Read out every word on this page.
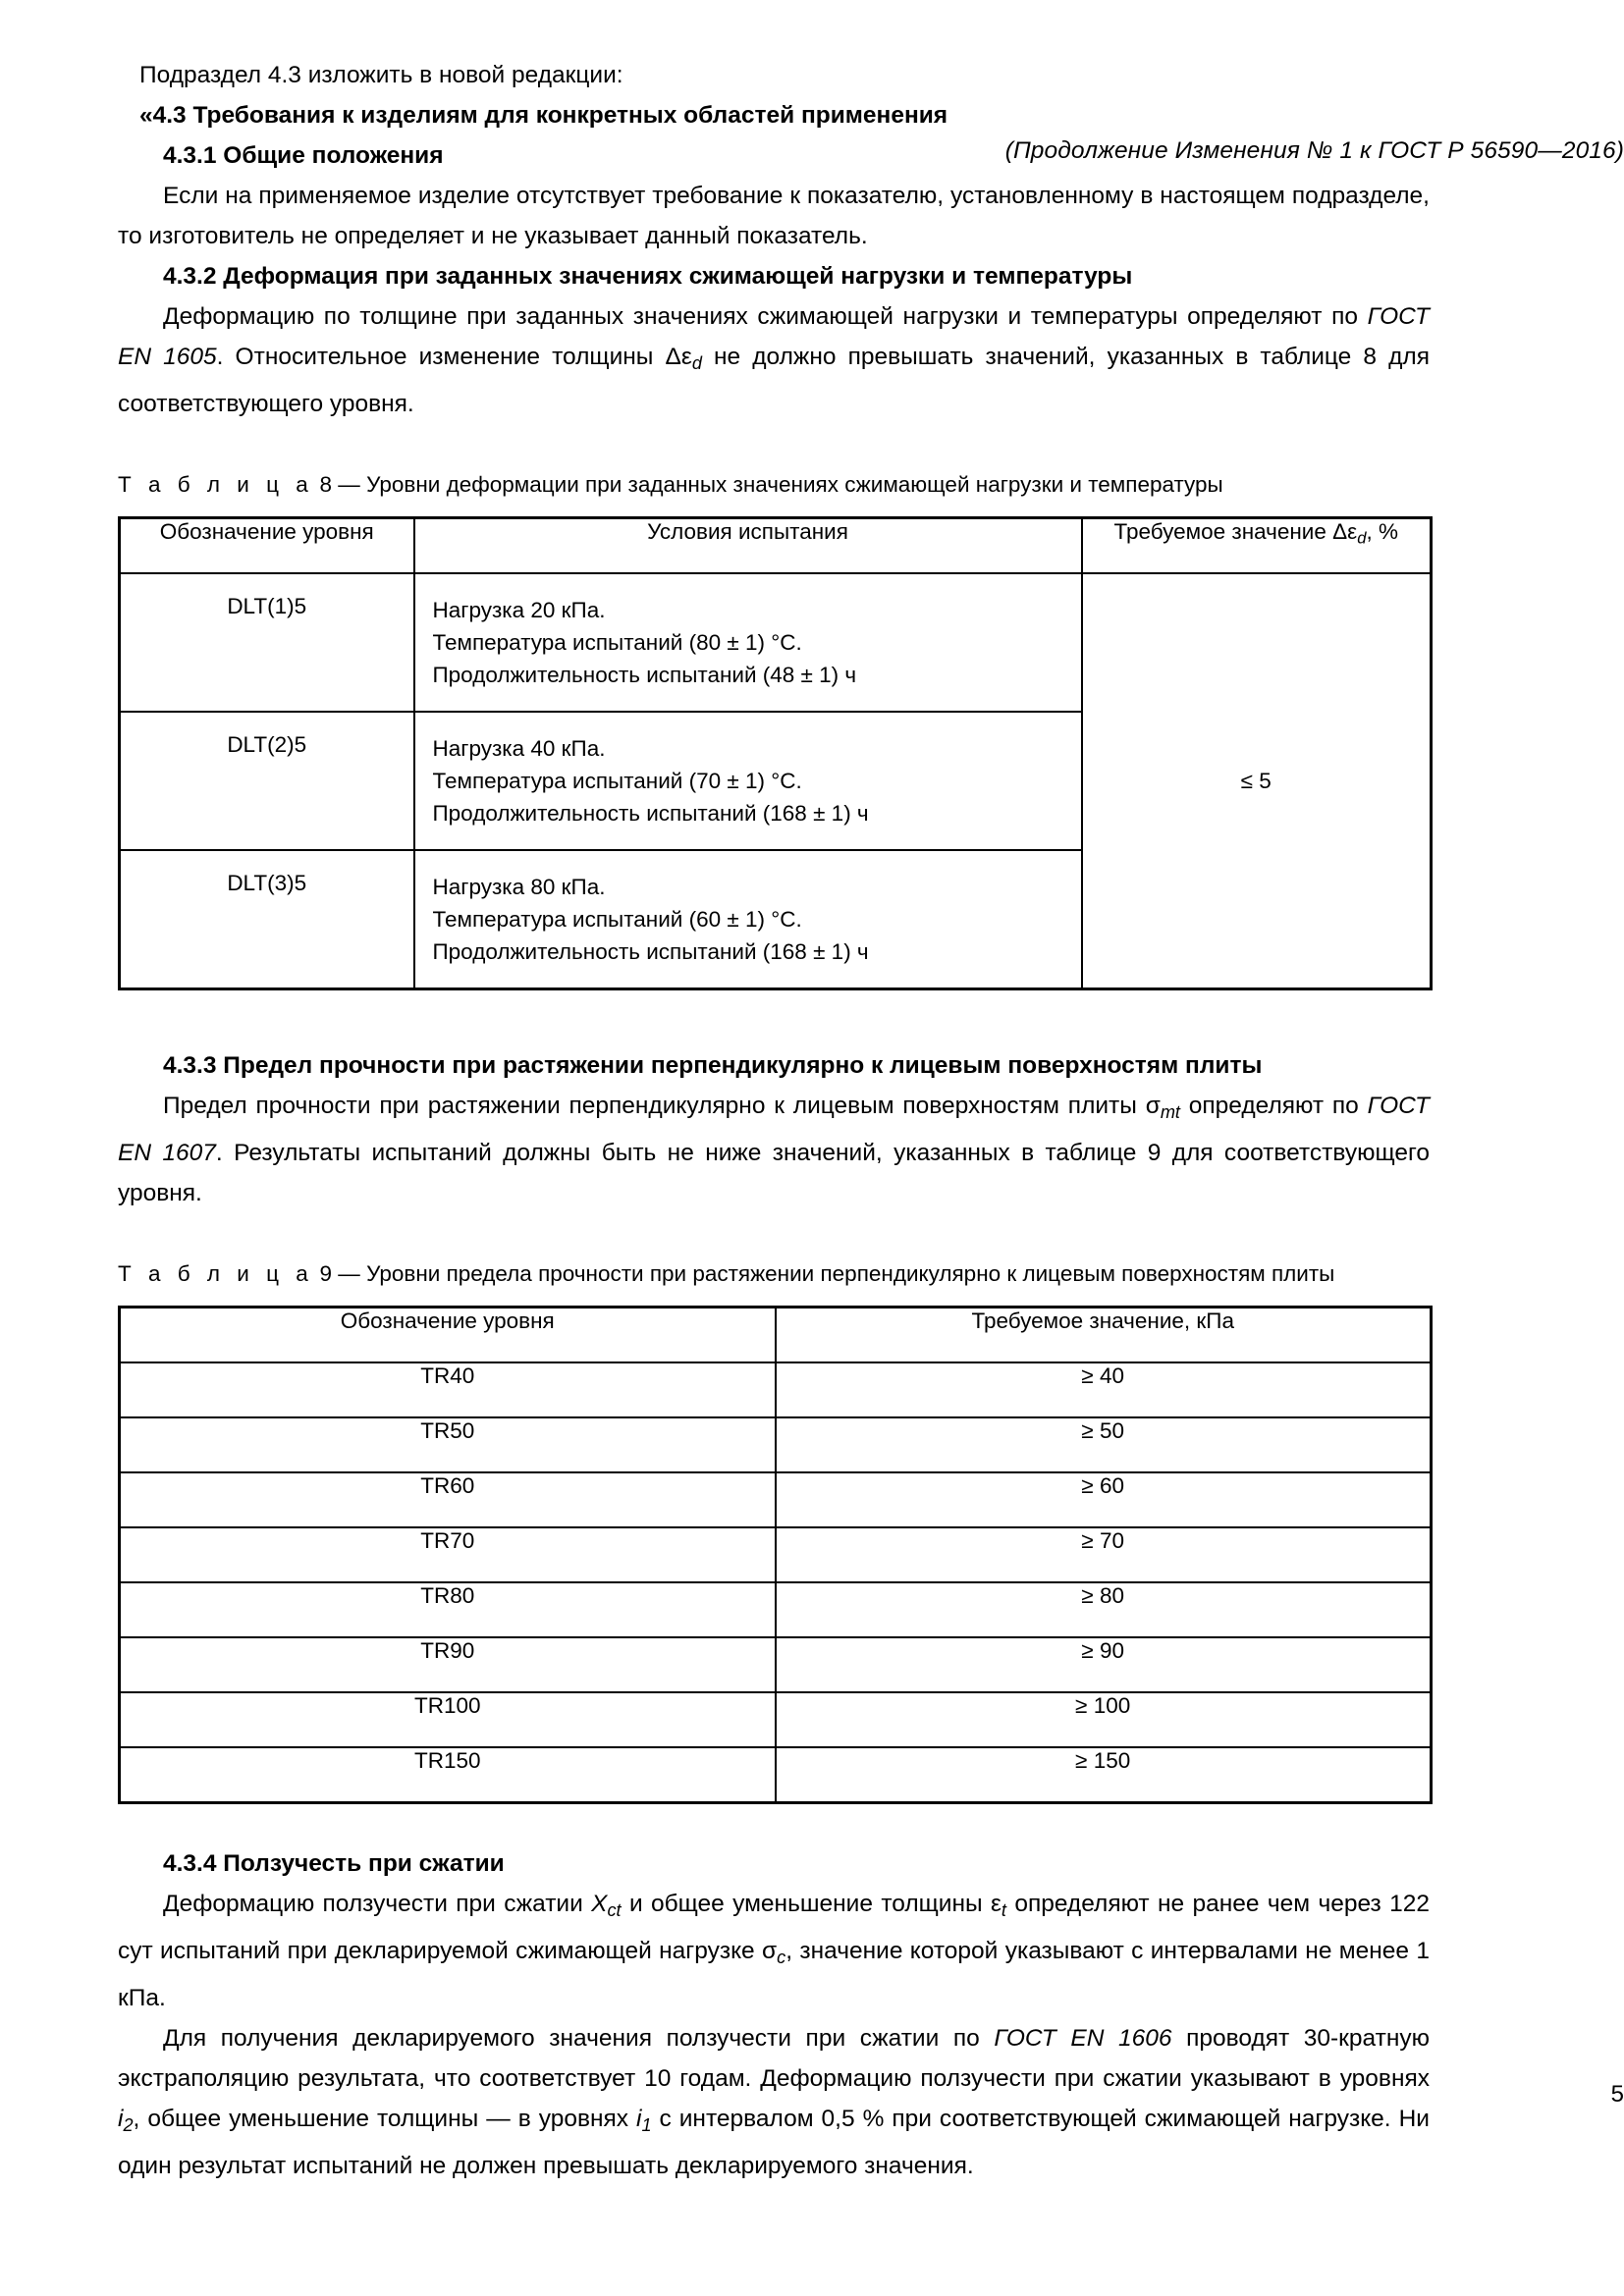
(Продолжение Изменения № 1 к ГОСТ Р 56590—2016)

Подраздел 4.3 изложить в новой редакции:

«4.3 Требования к изделиям для конкретных областей применения

4.3.1 Общие положения

Если на применяемое изделие отсутствует требование к показателю, установленному в настоящем подразделе, то изготовитель не определяет и не указывает данный показатель.

4.3.2 Деформация при заданных значениях сжимающей нагрузки и температуры

Деформацию по толщине при заданных значениях сжимающей нагрузки и температуры определяют по ГОСТ EN 1605. Относительное изменение толщины $\Delta\varepsilon_d$ не должно превышать значений, указанных в таблице 8 для соответствующего уровня.

Т а б л и ц а 8 — Уровни деформации при заданных значениях сжимающей нагрузки и температуры

Обозначение уровня	Условия испытания	Требуемое значение $\Delta\varepsilon_d$, %
DLT(1)5	Нагрузка 20 кПа.
Температура испытаний (80 ± 1) °С.
Продолжительность испытаний (48 ± 1) ч	≤ 5
DLT(2)5	Нагрузка 40 кПа.
Температура испытаний (70 ± 1) °С.
Продолжительность испытаний (168 ± 1) ч	

DLT(3)5	Нагрузка 80 кПа.
Температура испытаний (60 ± 1) °С.
Продолжительность испытаний (168 ± 1) ч	

4.3.3 Предел прочности при растяжении перпендикулярно к лицевым поверхностям плиты

Предел прочности при растяжении перпендикулярно к лицевым поверхностям плиты $\sigma_{mt}$ определяют по ГОСТ EN 1607. Результаты испытаний должны быть не ниже значений, указанных в таблице 9 для соответствующего уровня.

Т а б л и ц а 9 — Уровни предела прочности при растяжении перпендикулярно к лицевым поверхностям плиты

Обозначение уровня	Требуемое значение, кПа
TR40	≥ 40
TR50	≥ 50
TR60	≥ 60
TR70	≥ 70
TR80	≥ 80
TR90	≥ 90
TR100	≥ 100
TR150	≥ 150

4.3.4 Ползучесть при сжатии

Деформацию ползучести при сжатии $X_{ct}$ и общее уменьшение толщины $\varepsilon_t$ определяют не ранее чем через 122 сут испытаний при декларируемой сжимающей нагрузке $\sigma_c$, значение которой указывают с интервалами не менее 1 кПа.

Для получения декларируемого значения ползучести при сжатии по ГОСТ EN 1606 проводят 30-кратную экстраполяцию результата, что соответствует 10 годам. Деформацию ползучести при сжатии указывают в уровнях $i_2$, общее уменьшение толщины — в уровнях $i_1$ с интервалом 0,5 % при соответствующей сжимающей нагрузке. Ни один результат испытаний не должен превышать декларируемого значения.

5
